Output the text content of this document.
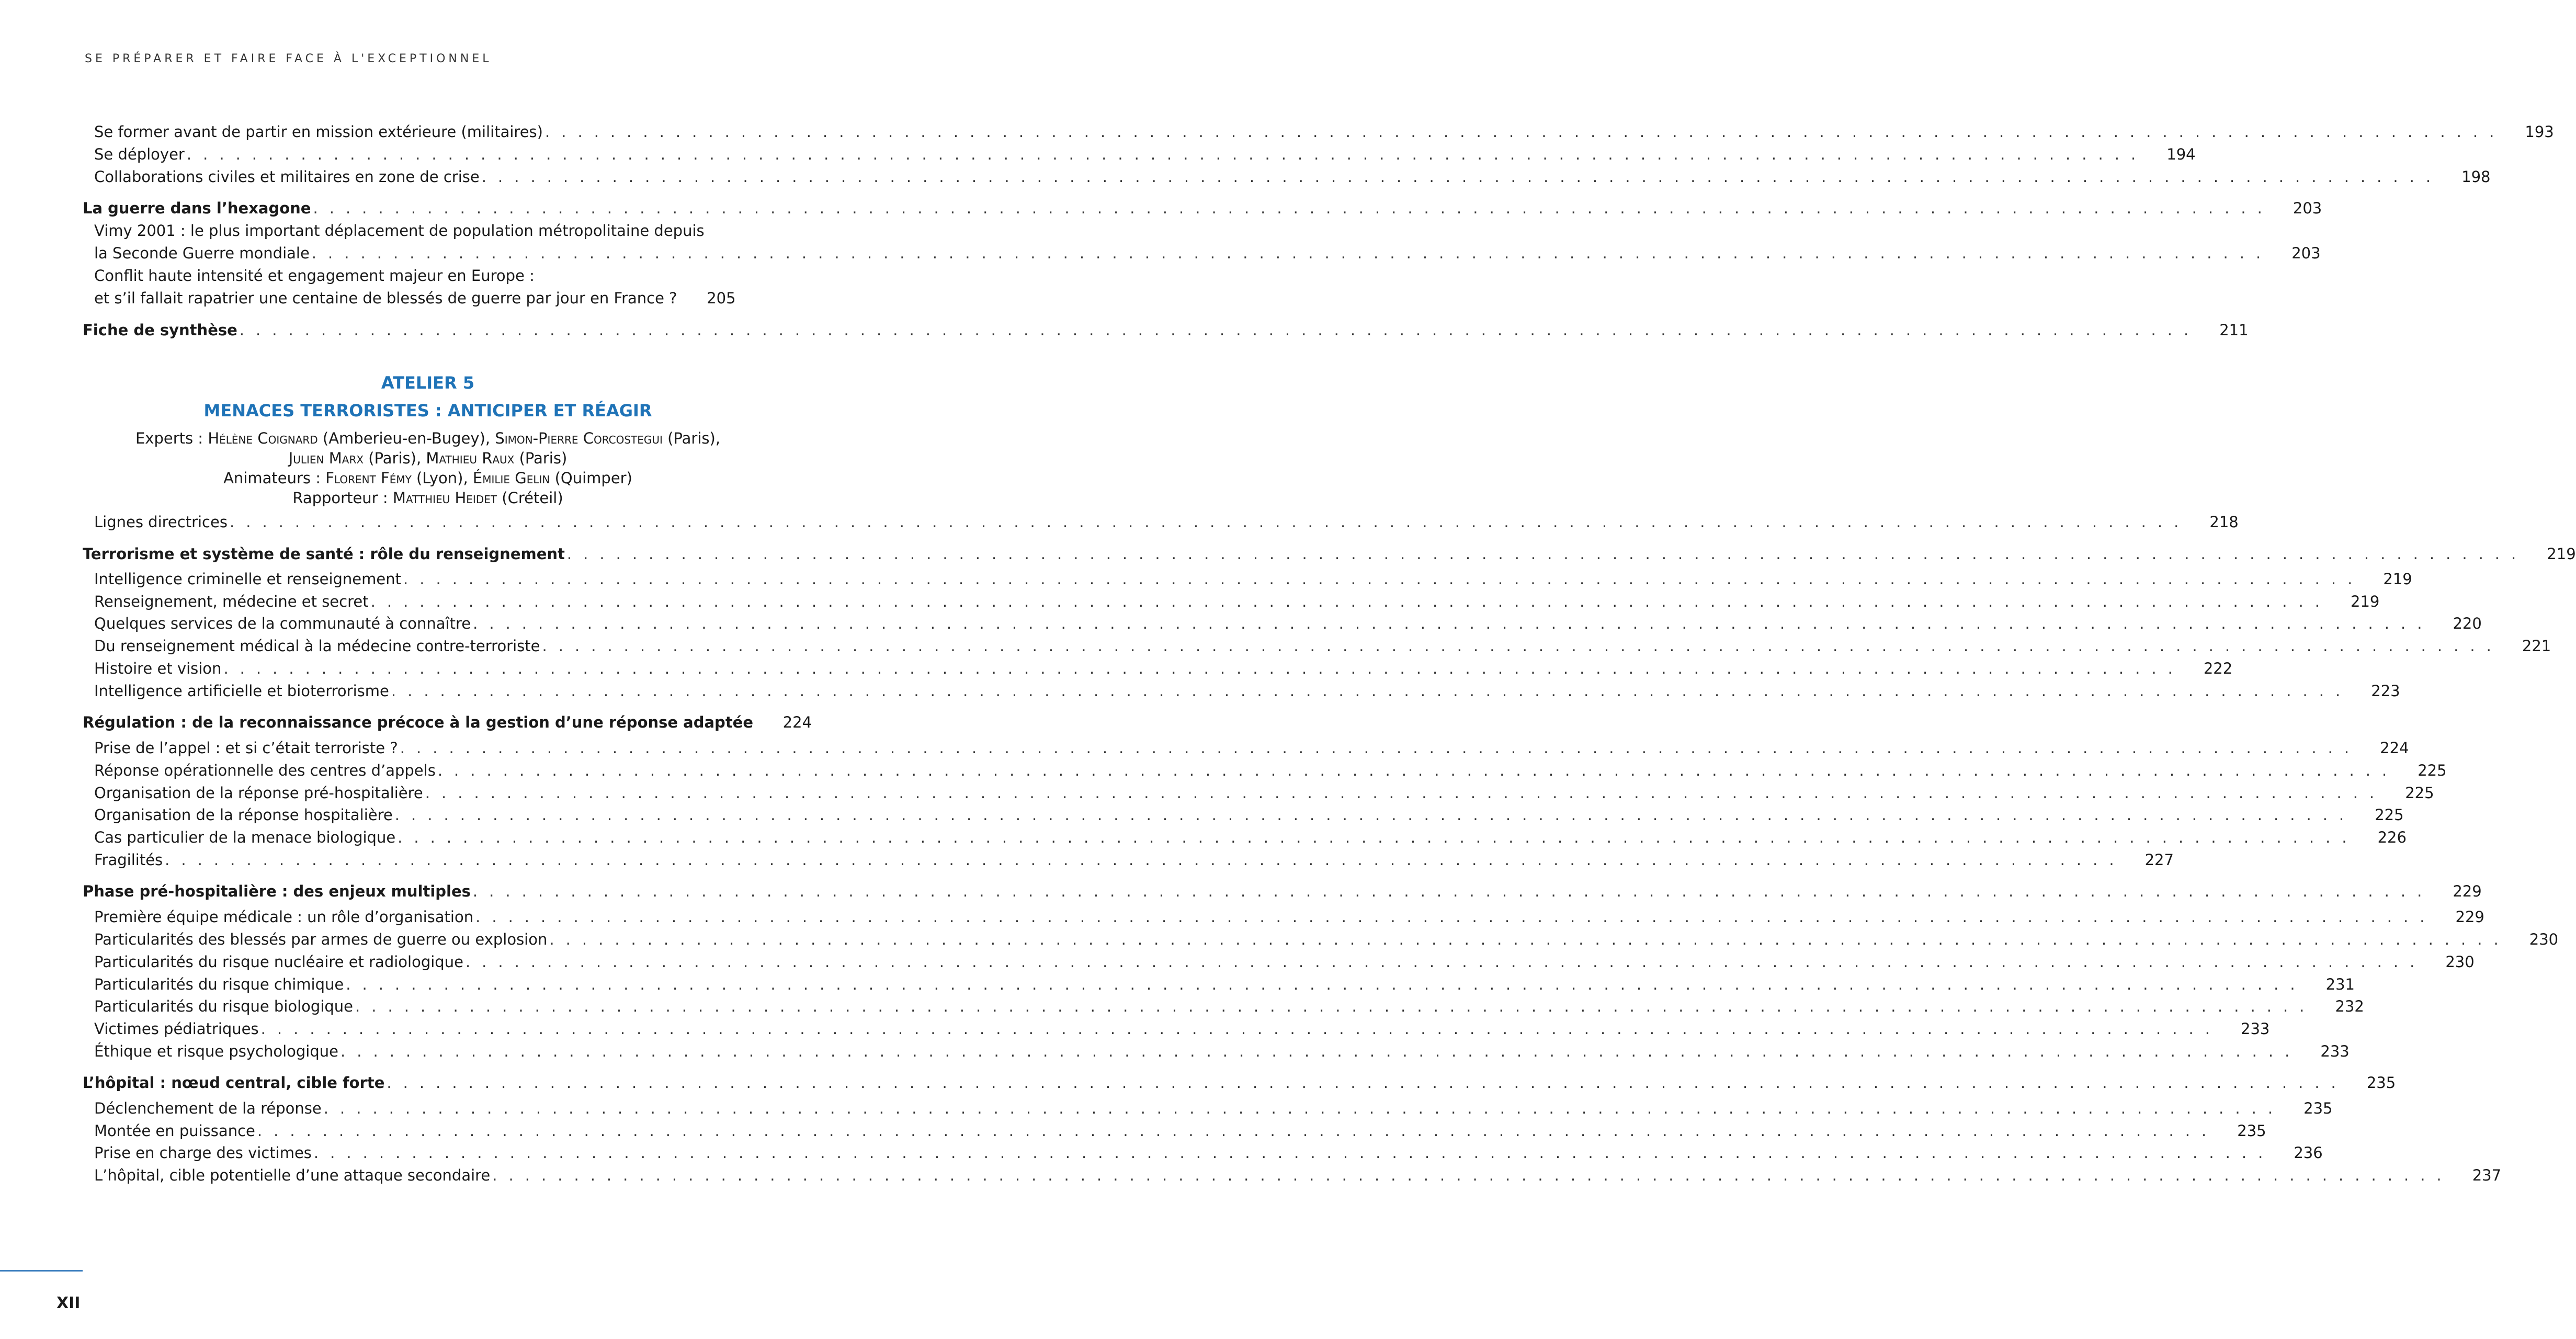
SE PRÉPARER ET FAIRE FACE À L'EXCEPTIONNEL
Se former avant de partir en mission extérieure (militaires) . . . . . . . . . . . . . . . . . . . . . . . . . . . . . . . . . . . . . . . . . . . . . . . . . . . . . . . . . . . . . . . . . . . . . . . . . . . . . . . . . . . . . . . . . . . . . . . . . . . . . . . . . . . . . . . . . . . . . . . . 193
Se déployer . . . . . . . . . . . . . . . . . . . . . . . . . . . . . . . . . . . . . . . . . . . . . . . . . . . . . . . . . . . . . . . . . . . . . . . . . . . . . . . . . . . . . . . . . . . . . . . . . . . . . . . . . . . . . . . . . . . . . . . . 194
Collaborations civiles et militaires en zone de crise . . . . . . . . . . . . . . . . . . . . . . . . . . . . . . . . . . . . . . . . . . . . . . . . . . . . . . . . . . . . . . . . . . . . . . . . . . . . . . . . . . . . . . . . . . . . . . . . . . . . . . . . . . . . . . . . . . . . . . . . 198
La guerre dans l’hexagone . . . . . . . . . . . . . . . . . . . . . . . . . . . . . . . . . . . . . . . . . . . . . . . . . . . . . . . . . . . . . . . . . . . . . . . . . . . . . . . . . . . . . . . . . . . . . . . . . . . . . . . . . . . . . . . . . . . . . . . . 203
Vimy 2001 : le plus important déplacement de population métropolitaine depuis
la Seconde Guerre mondiale . . . . . . . . . . . . . . . . . . . . . . . . . . . . . . . . . . . . . . . . . . . . . . . . . . . . . . . . . . . . . . . . . . . . . . . . . . . . . . . . . . . . . . . . . . . . . . . . . . . . . . . . . . . . . . . . . . . . . . . . 203
Conflit haute intensité et engagement majeur en Europe :
et s’il fallait rapatrier une centaine de blessés de guerre par jour en France ? 205
Fiche de synthèse . . . . . . . . . . . . . . . . . . . . . . . . . . . . . . . . . . . . . . . . . . . . . . . . . . . . . . . . . . . . . . . . . . . . . . . . . . . . . . . . . . . . . . . . . . . . . . . . . . . . . . . . . . . . . . . . . . . . . . . . 211
ATELIER 5
MENACES TERRORISTES : ANTICIPER ET RÉAGIR
Experts : Hélène Coignard (Amberieu-en-Bugey), Simon-Pierre Corcostegui (Paris),
Julien Marx (Paris), Mathieu Raux (Paris)
Animateurs : Florent Fémy (Lyon), Émilie Gelin (Quimper)
Rapporteur : Matthieu Heidet (Créteil)
Lignes directrices . . . . . . . . . . . . . . . . . . . . . . . . . . . . . . . . . . . . . . . . . . . . . . . . . . . . . . . . . . . . . . . . . . . . . . . . . . . . . . . . . . . . . . . . . . . . . . . . . . . . . . . . . . . . . . . . . . . . . . . . 218
Terrorisme et système de santé : rôle du renseignement . . . . . . . . . . . . . . . . . . . . . . . . . . . . . . . . . . . . . . . . . . . . . . . . . . . . . . . . . . . . . . . . . . . . . . . . . . . . . . . . . . . . . . . . . . . . . . . . . . . . . . . . . . . . . . . . . . . . . . . . 219
Intelligence criminelle et renseignement . . . . . . . . . . . . . . . . . . . . . . . . . . . . . . . . . . . . . . . . . . . . . . . . . . . . . . . . . . . . . . . . . . . . . . . . . . . . . . . . . . . . . . . . . . . . . . . . . . . . . . . . . . . . . . . . . . . . . . . . 219
Renseignement, médecine et secret . . . . . . . . . . . . . . . . . . . . . . . . . . . . . . . . . . . . . . . . . . . . . . . . . . . . . . . . . . . . . . . . . . . . . . . . . . . . . . . . . . . . . . . . . . . . . . . . . . . . . . . . . . . . . . . . . . . . . . . . 219
Quelques services de la communauté à connaître . . . . . . . . . . . . . . . . . . . . . . . . . . . . . . . . . . . . . . . . . . . . . . . . . . . . . . . . . . . . . . . . . . . . . . . . . . . . . . . . . . . . . . . . . . . . . . . . . . . . . . . . . . . . . . . . . . . . . . . . 220
Du renseignement médical à la médecine contre-terroriste . . . . . . . . . . . . . . . . . . . . . . . . . . . . . . . . . . . . . . . . . . . . . . . . . . . . . . . . . . . . . . . . . . . . . . . . . . . . . . . . . . . . . . . . . . . . . . . . . . . . . . . . . . . . . . . . . . . . . . . . 221
Histoire et vision . . . . . . . . . . . . . . . . . . . . . . . . . . . . . . . . . . . . . . . . . . . . . . . . . . . . . . . . . . . . . . . . . . . . . . . . . . . . . . . . . . . . . . . . . . . . . . . . . . . . . . . . . . . . . . . . . . . . . . . . 222
Intelligence artificielle et bioterrorisme . . . . . . . . . . . . . . . . . . . . . . . . . . . . . . . . . . . . . . . . . . . . . . . . . . . . . . . . . . . . . . . . . . . . . . . . . . . . . . . . . . . . . . . . . . . . . . . . . . . . . . . . . . . . . . . . . . . . . . . . 223
Régulation : de la reconnaissance précoce à la gestion d’une réponse adaptée 224
Prise de l’appel : et si c’était terroriste ? . . . . . . . . . . . . . . . . . . . . . . . . . . . . . . . . . . . . . . . . . . . . . . . . . . . . . . . . . . . . . . . . . . . . . . . . . . . . . . . . . . . . . . . . . . . . . . . . . . . . . . . . . . . . . . . . . . . . . . . . 224
Réponse opérationnelle des centres d’appels . . . . . . . . . . . . . . . . . . . . . . . . . . . . . . . . . . . . . . . . . . . . . . . . . . . . . . . . . . . . . . . . . . . . . . . . . . . . . . . . . . . . . . . . . . . . . . . . . . . . . . . . . . . . . . . . . . . . . . . . 225
Organisation de la réponse pré-hospitalière . . . . . . . . . . . . . . . . . . . . . . . . . . . . . . . . . . . . . . . . . . . . . . . . . . . . . . . . . . . . . . . . . . . . . . . . . . . . . . . . . . . . . . . . . . . . . . . . . . . . . . . . . . . . . . . . . . . . . . . . 225
Organisation de la réponse hospitalière . . . . . . . . . . . . . . . . . . . . . . . . . . . . . . . . . . . . . . . . . . . . . . . . . . . . . . . . . . . . . . . . . . . . . . . . . . . . . . . . . . . . . . . . . . . . . . . . . . . . . . . . . . . . . . . . . . . . . . . . 225
Cas particulier de la menace biologique . . . . . . . . . . . . . . . . . . . . . . . . . . . . . . . . . . . . . . . . . . . . . . . . . . . . . . . . . . . . . . . . . . . . . . . . . . . . . . . . . . . . . . . . . . . . . . . . . . . . . . . . . . . . . . . . . . . . . . . . 226
Fragilités . . . . . . . . . . . . . . . . . . . . . . . . . . . . . . . . . . . . . . . . . . . . . . . . . . . . . . . . . . . . . . . . . . . . . . . . . . . . . . . . . . . . . . . . . . . . . . . . . . . . . . . . . . . . . . . . . . . . . . . . 227
Phase pré-hospitalière : des enjeux multiples . . . . . . . . . . . . . . . . . . . . . . . . . . . . . . . . . . . . . . . . . . . . . . . . . . . . . . . . . . . . . . . . . . . . . . . . . . . . . . . . . . . . . . . . . . . . . . . . . . . . . . . . . . . . . . . . . . . . . . . . 229
Première équipe médicale : un rôle d’organisation . . . . . . . . . . . . . . . . . . . . . . . . . . . . . . . . . . . . . . . . . . . . . . . . . . . . . . . . . . . . . . . . . . . . . . . . . . . . . . . . . . . . . . . . . . . . . . . . . . . . . . . . . . . . . . . . . . . . . . . . 229
Particularités des blessés par armes de guerre ou explosion . . . . . . . . . . . . . . . . . . . . . . . . . . . . . . . . . . . . . . . . . . . . . . . . . . . . . . . . . . . . . . . . . . . . . . . . . . . . . . . . . . . . . . . . . . . . . . . . . . . . . . . . . . . . . . . . . . . . . . . . 230
Particularités du risque nucléaire et radiologique . . . . . . . . . . . . . . . . . . . . . . . . . . . . . . . . . . . . . . . . . . . . . . . . . . . . . . . . . . . . . . . . . . . . . . . . . . . . . . . . . . . . . . . . . . . . . . . . . . . . . . . . . . . . . . . . . . . . . . . . 230
Particularités du risque chimique . . . . . . . . . . . . . . . . . . . . . . . . . . . . . . . . . . . . . . . . . . . . . . . . . . . . . . . . . . . . . . . . . . . . . . . . . . . . . . . . . . . . . . . . . . . . . . . . . . . . . . . . . . . . . . . . . . . . . . . . 231
Particularités du risque biologique . . . . . . . . . . . . . . . . . . . . . . . . . . . . . . . . . . . . . . . . . . . . . . . . . . . . . . . . . . . . . . . . . . . . . . . . . . . . . . . . . . . . . . . . . . . . . . . . . . . . . . . . . . . . . . . . . . . . . . . . 232
Victimes pédiatriques . . . . . . . . . . . . . . . . . . . . . . . . . . . . . . . . . . . . . . . . . . . . . . . . . . . . . . . . . . . . . . . . . . . . . . . . . . . . . . . . . . . . . . . . . . . . . . . . . . . . . . . . . . . . . . . . . . . . . . . . 233
Éthique et risque psychologique . . . . . . . . . . . . . . . . . . . . . . . . . . . . . . . . . . . . . . . . . . . . . . . . . . . . . . . . . . . . . . . . . . . . . . . . . . . . . . . . . . . . . . . . . . . . . . . . . . . . . . . . . . . . . . . . . . . . . . . . 233
L’hôpital : nœud central, cible forte . . . . . . . . . . . . . . . . . . . . . . . . . . . . . . . . . . . . . . . . . . . . . . . . . . . . . . . . . . . . . . . . . . . . . . . . . . . . . . . . . . . . . . . . . . . . . . . . . . . . . . . . . . . . . . . . . . . . . . . . 235
Déclenchement de la réponse . . . . . . . . . . . . . . . . . . . . . . . . . . . . . . . . . . . . . . . . . . . . . . . . . . . . . . . . . . . . . . . . . . . . . . . . . . . . . . . . . . . . . . . . . . . . . . . . . . . . . . . . . . . . . . . . . . . . . . . . 235
Montée en puissance . . . . . . . . . . . . . . . . . . . . . . . . . . . . . . . . . . . . . . . . . . . . . . . . . . . . . . . . . . . . . . . . . . . . . . . . . . . . . . . . . . . . . . . . . . . . . . . . . . . . . . . . . . . . . . . . . . . . . . . . 235
Prise en charge des victimes . . . . . . . . . . . . . . . . . . . . . . . . . . . . . . . . . . . . . . . . . . . . . . . . . . . . . . . . . . . . . . . . . . . . . . . . . . . . . . . . . . . . . . . . . . . . . . . . . . . . . . . . . . . . . . . . . . . . . . . . 236
L’hôpital, cible potentielle d’une attaque secondaire . . . . . . . . . . . . . . . . . . . . . . . . . . . . . . . . . . . . . . . . . . . . . . . . . . . . . . . . . . . . . . . . . . . . . . . . . . . . . . . . . . . . . . . . . . . . . . . . . . . . . . . . . . . . . . . . . . . . . . . . 237
XII
